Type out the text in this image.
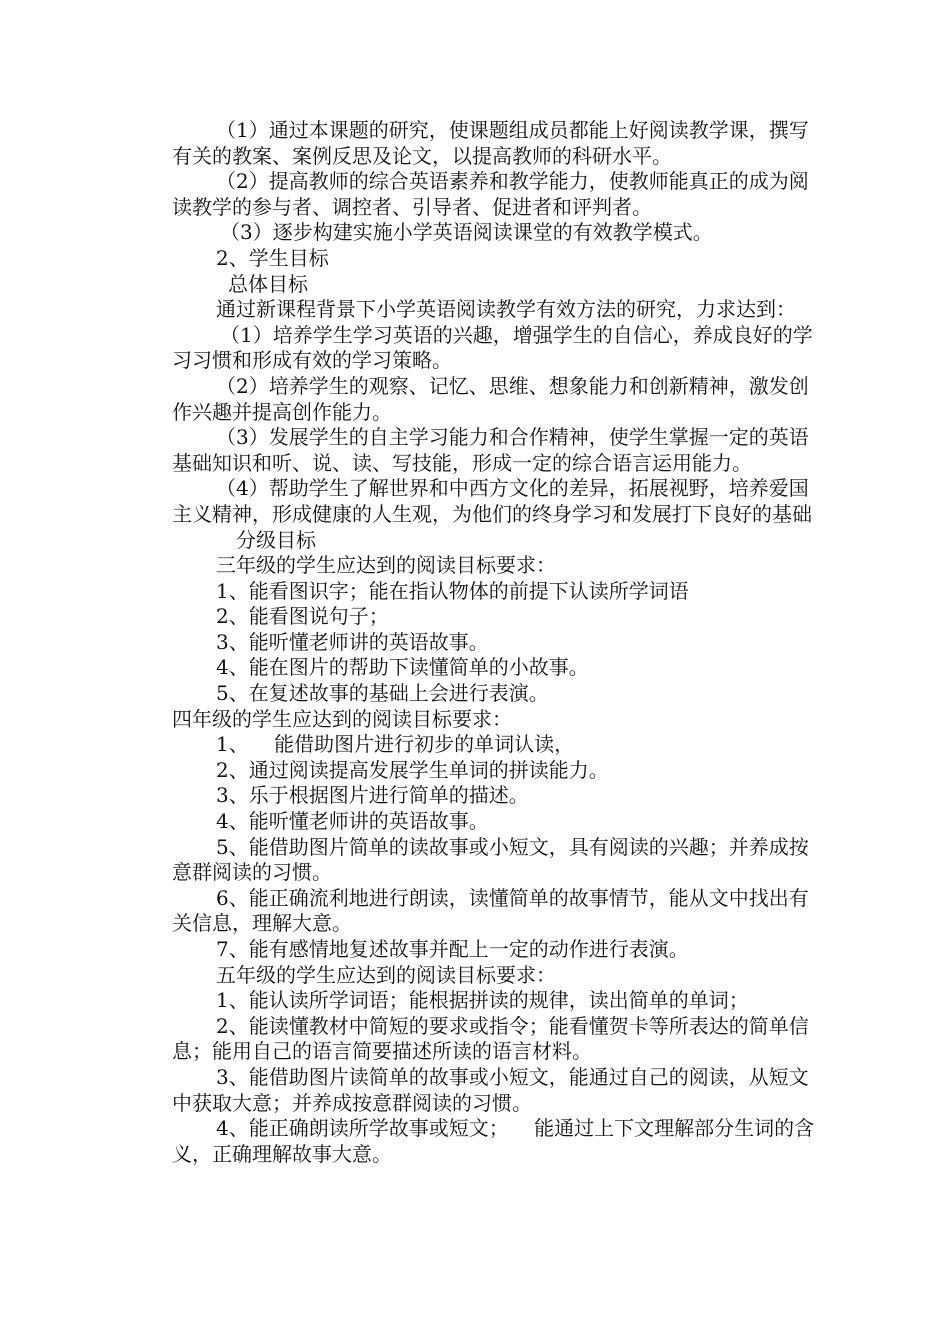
（1）通过本课题的研究，使课题组成员都能上好阅读教学课，撰写有关的教案、案例反思及论文，以提高教师的科研水平。

（2）提高教师的综合英语素养和教学能力，使教师能真正的成为阅读教学的参与者、调控者、引导者、促进者和评判者。

（3）逐步构建实施小学英语阅读课堂的有效教学模式。

2、学生目标

总体目标

通过新课程背景下小学英语阅读教学有效方法的研究，力求达到：

（1）培养学生学习英语的兴趣，增强学生的自信心，养成良好的学习习惯和形成有效的学习策略。

（2）培养学生的观察、记忆、思维、想象能力和创新精神，激发创作兴趣并提高创作能力。

（3）发展学生的自主学习能力和合作精神，使学生掌握一定的英语基础知识和听、说、读、写技能，形成一定的综合语言运用能力。

（4）帮助学生了解世界和中西方文化的差异，拓展视野，培养爱国主义精神，形成健康的人生观，为他们的终身学习和发展打下良好的基础

分级目标

三年级的学生应达到的阅读目标要求：

1、能看图识字；能在指认物体的前提下认读所学词语

2、能看图说句子；

3、能听懂老师讲的英语故事。

4、能在图片的帮助下读懂简单的小故事。

5、在复述故事的基础上会进行表演。

四年级的学生应达到的阅读目标要求：

1、    能借助图片进行初步的单词认读，

2、通过阅读提高发展学生单词的拼读能力。

3、乐于根据图片进行简单的描述。

4、能听懂老师讲的英语故事。

5、能借助图片简单的读故事或小短文，具有阅读的兴趣；并养成按意群阅读的习惯。

6、能正确流利地进行朗读，读懂简单的故事情节，能从文中找出有关信息，理解大意。

7、能有感情地复述故事并配上一定的动作进行表演。

五年级的学生应达到的阅读目标要求：

1、能认读所学词语；能根据拼读的规律，读出简单的单词；

2、能读懂教材中简短的要求或指令；能看懂贺卡等所表达的简单信息；能用自己的语言简要描述所读的语言材料。

3、能借助图片读简单的故事或小短文，能通过自己的阅读，从短文中获取大意；并养成按意群阅读的习惯。

4、能正确朗读所学故事或短文；    能通过上下文理解部分生词的含义，正确理解故事大意。
